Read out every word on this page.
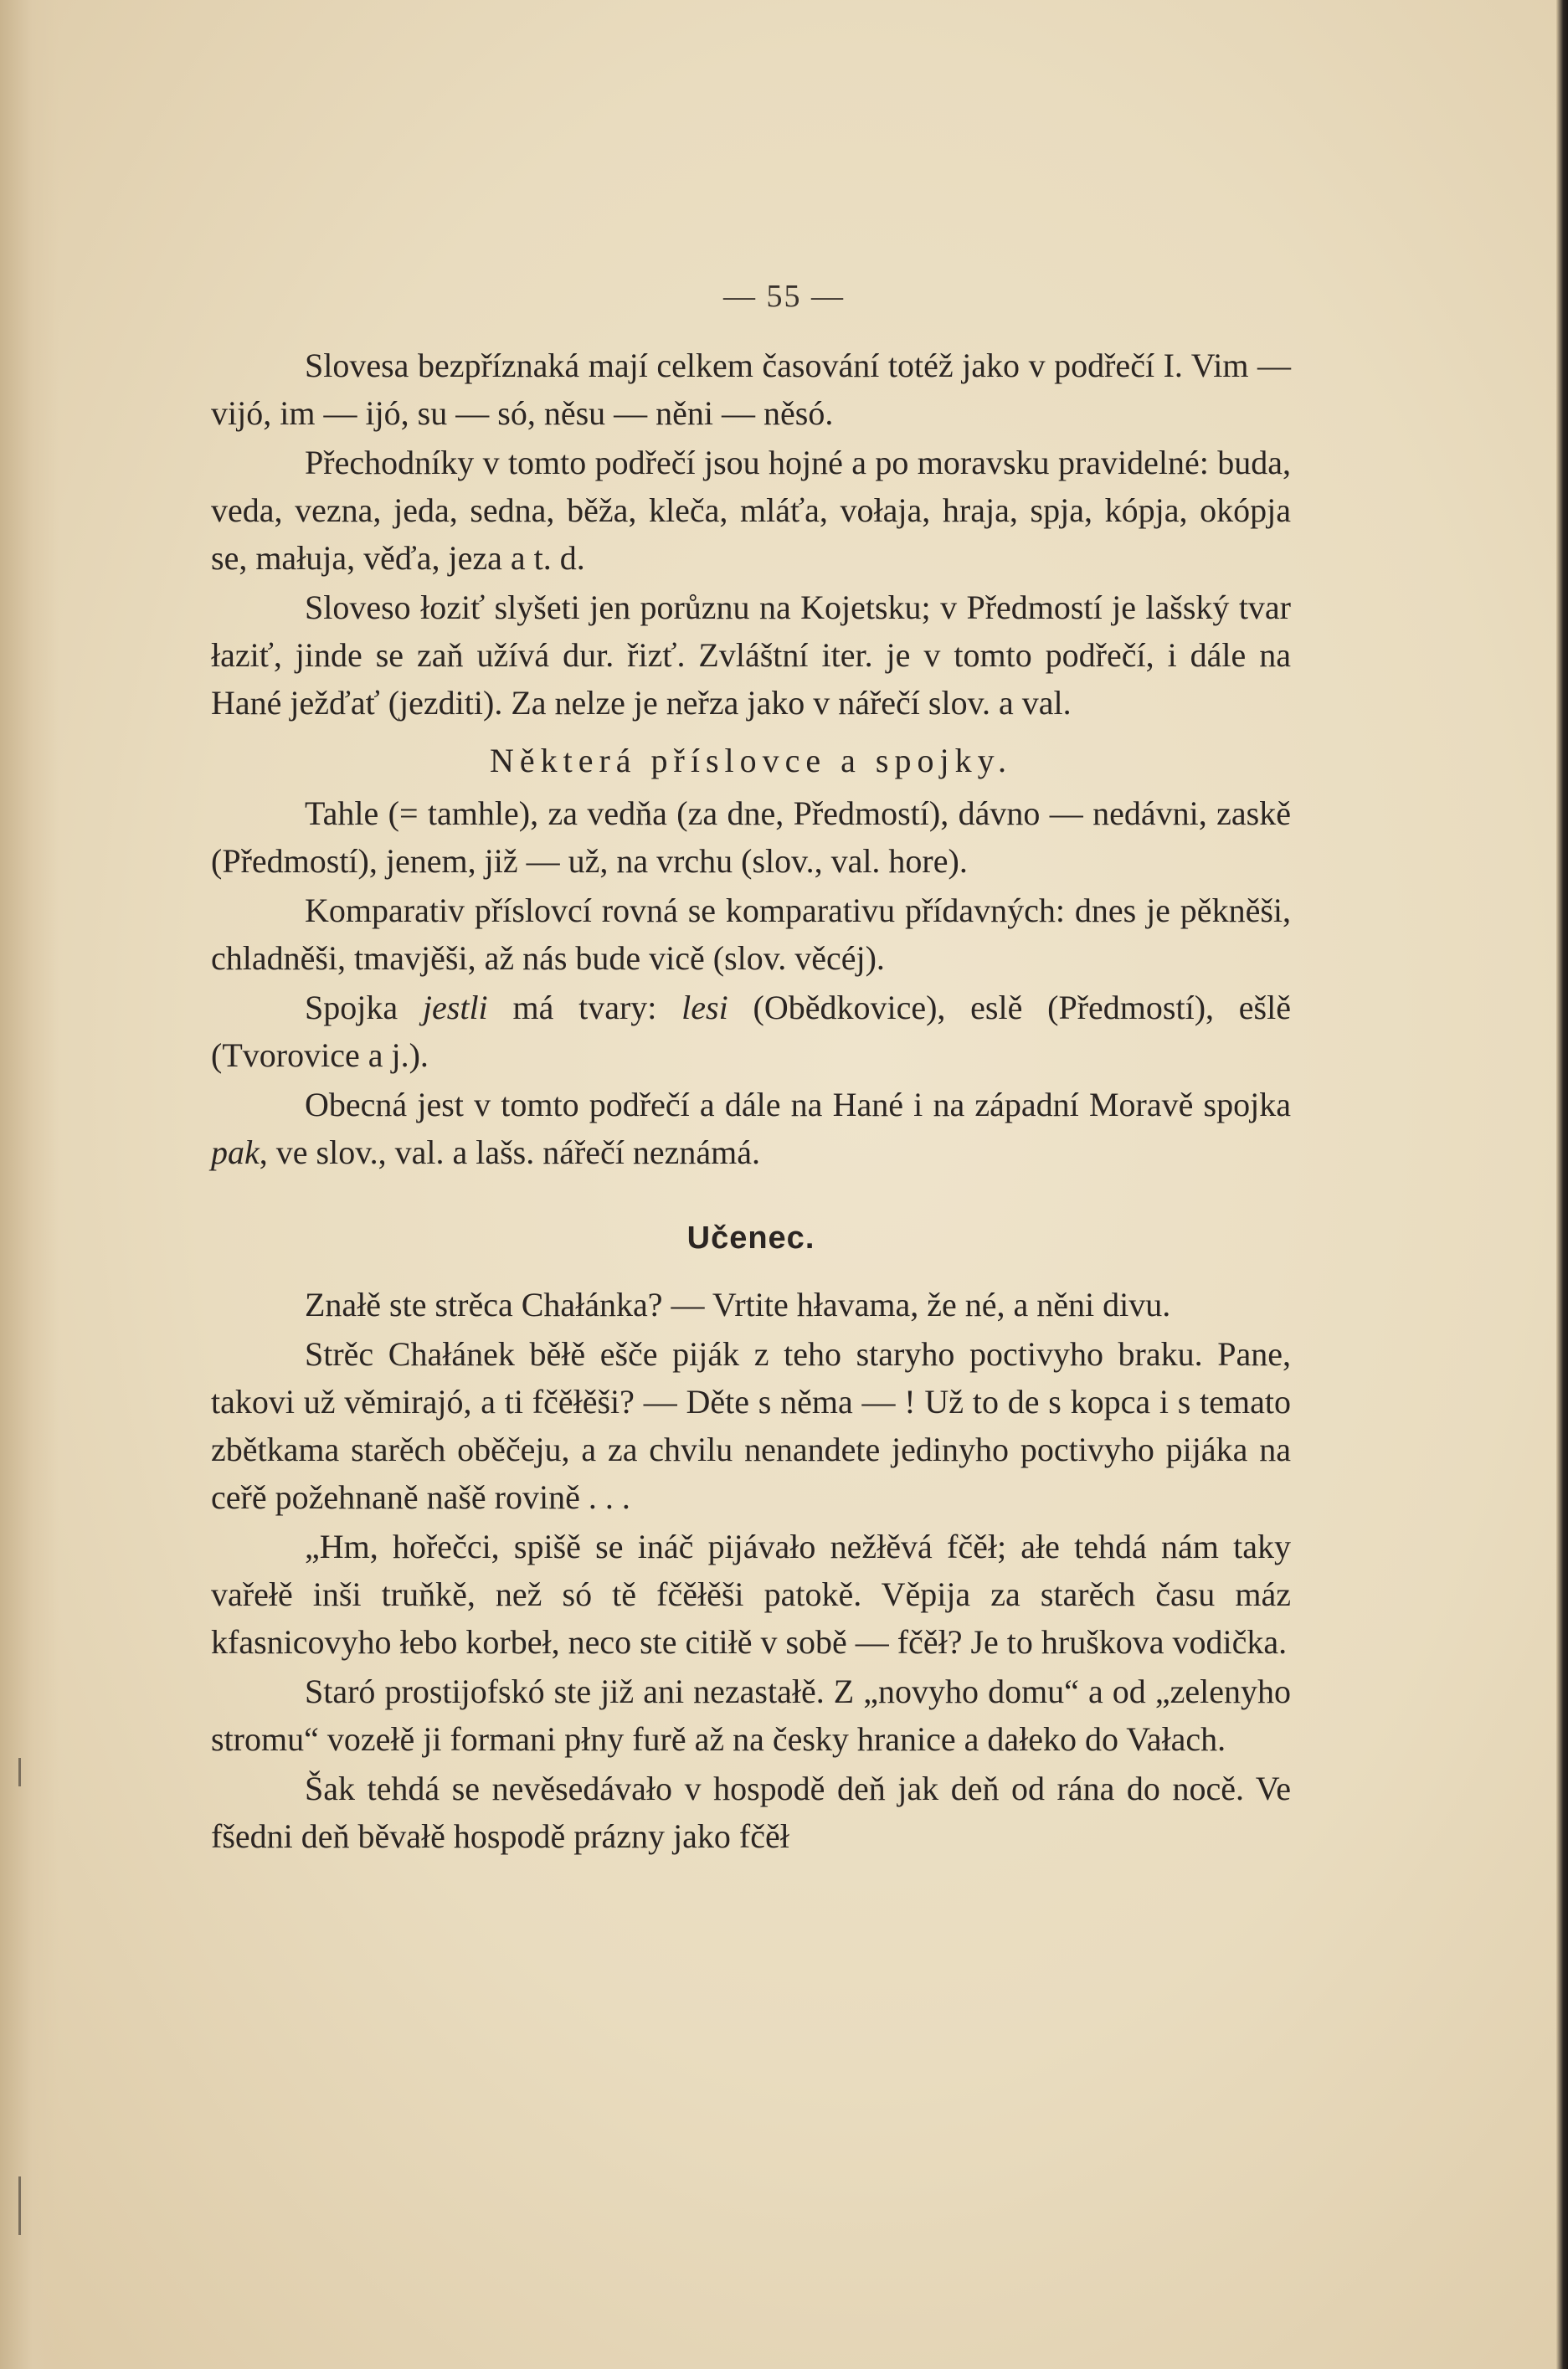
— 55 —

Slovesa bezpříznaká mají celkem časování totéž jako v podřečí I. Vim — vijó, im — ijó, su — só, něsu — něni — něsó.

Přechodníky v tomto podřečí jsou hojné a po moravsku pravidelné: buda, veda, vezna, jeda, sedna, běža, kleča, mláťa, vołaja, hraja, spja, kópja, okópja se, małuja, věďa, jeza a t. d.

Sloveso łoziť slyšeti jen porůznu na Kojetsku; v Předmostí je lašský tvar łaziť, jinde se zaň užívá dur. řizť. Zvláštní iter. je v tomto podřečí, i dále na Hané ježďať (jezditi). Za nelze je neřza jako v nářečí slov. a val.

Některá příslovce a spojky.

Tahle (= tamhle), za vedňa (za dne, Předmostí), dávno — nedávni, zaskě (Předmostí), jenem, již — už, na vrchu (slov., val. hore).

Komparativ příslovcí rovná se komparativu přídavných: dnes je pěkněši, chladněši, tmavjěši, až nás bude vicě (slov. věcéj).

Spojka jestli má tvary: lesi (Obědkovice), eslě (Předmostí), ešlě (Tvorovice a j.).

Obecná jest v tomto podřečí a dále na Hané i na západní Moravě spojka pak, ve slov., val. a lašs. nářečí neznámá.

Učenec.

Znałě ste strěca Chałánka? — Vrtite hłavama, že né, a něni divu.

Strěc Chałánek běłě ešče piják z teho staryho poctivyho braku. Pane, takovi už věmirajó, a ti fčěłěši? — Děte s něma — ! Už to de s kopca i s temato zbětkama starěch oběčeju, a za chvilu nenandete jedinyho poctivyho pijáka na ceřě požehnaně našě rovině . . .

„Hm, hořečci, spišě se ináč pijávało nežłěvá fčěł; ałe tehdá nám taky vařełě inši truňkě, než só tě fčěłěši patokě. Věpija za starěch času máz kfasnicovyho łebo korbeł, neco ste citiłě v sobě — fčěł? Je to hruškova vodička.

Staró prostijofskó ste již ani nezastałě. Z „novyho domu“ a od „zelenyho stromu“ vozełě ji formani płny furě až na česky hranice a dałeko do Vałach.

Šak tehdá se nevěsedávało v hospodě deň jak deň od rána do nocě. Ve fšedni deň běvałě hospodě prázny jako fčěł
